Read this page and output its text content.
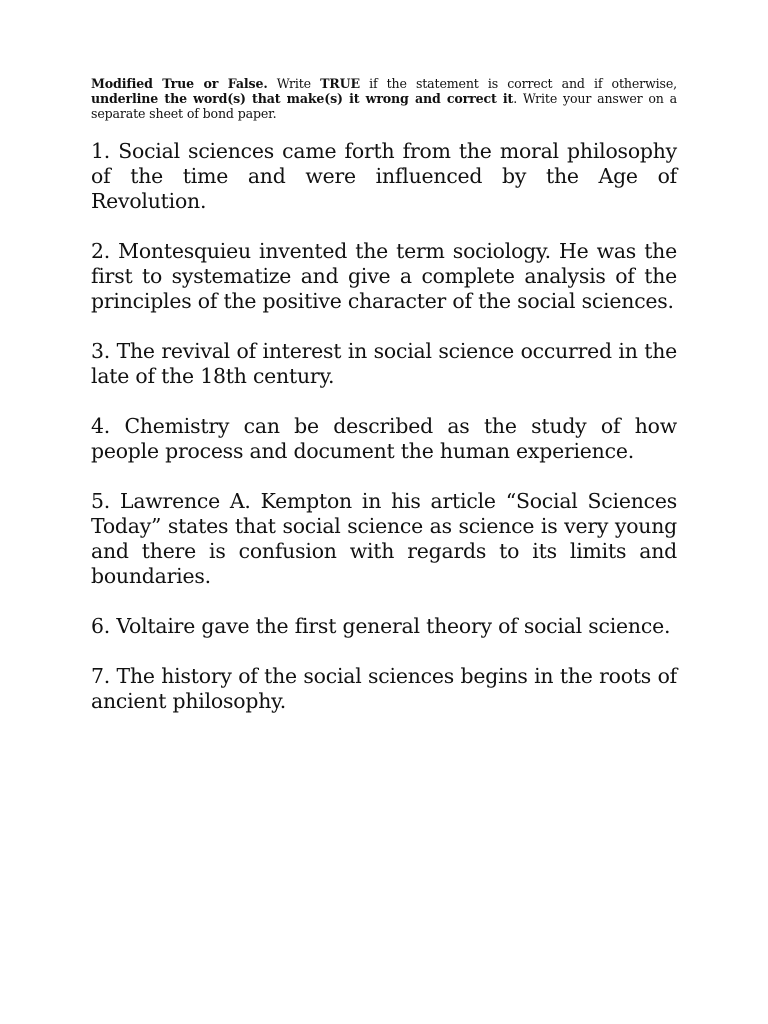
Modified True or False. Write TRUE if the statement is correct and if otherwise, underline the word(s) that make(s) it wrong and correct it. Write your answer on a separate sheet of bond paper.

1. Social sciences came forth from the moral philosophy of the time and were influenced by the Age of Revolution.

2. Montesquieu invented the term sociology. He was the first to systematize and give a complete analysis of the principles of the positive character of the social sciences.

3. The revival of interest in social science occurred in the late of the 18th century.

4. Chemistry can be described as the study of how people process and document the human experience.

5. Lawrence A. Kempton in his article “Social Sciences Today” states that social science as science is very young and there is confusion with regards to its limits and boundaries.

6. Voltaire gave the first general theory of social science.

7. The history of the social sciences begins in the roots of ancient philosophy.
